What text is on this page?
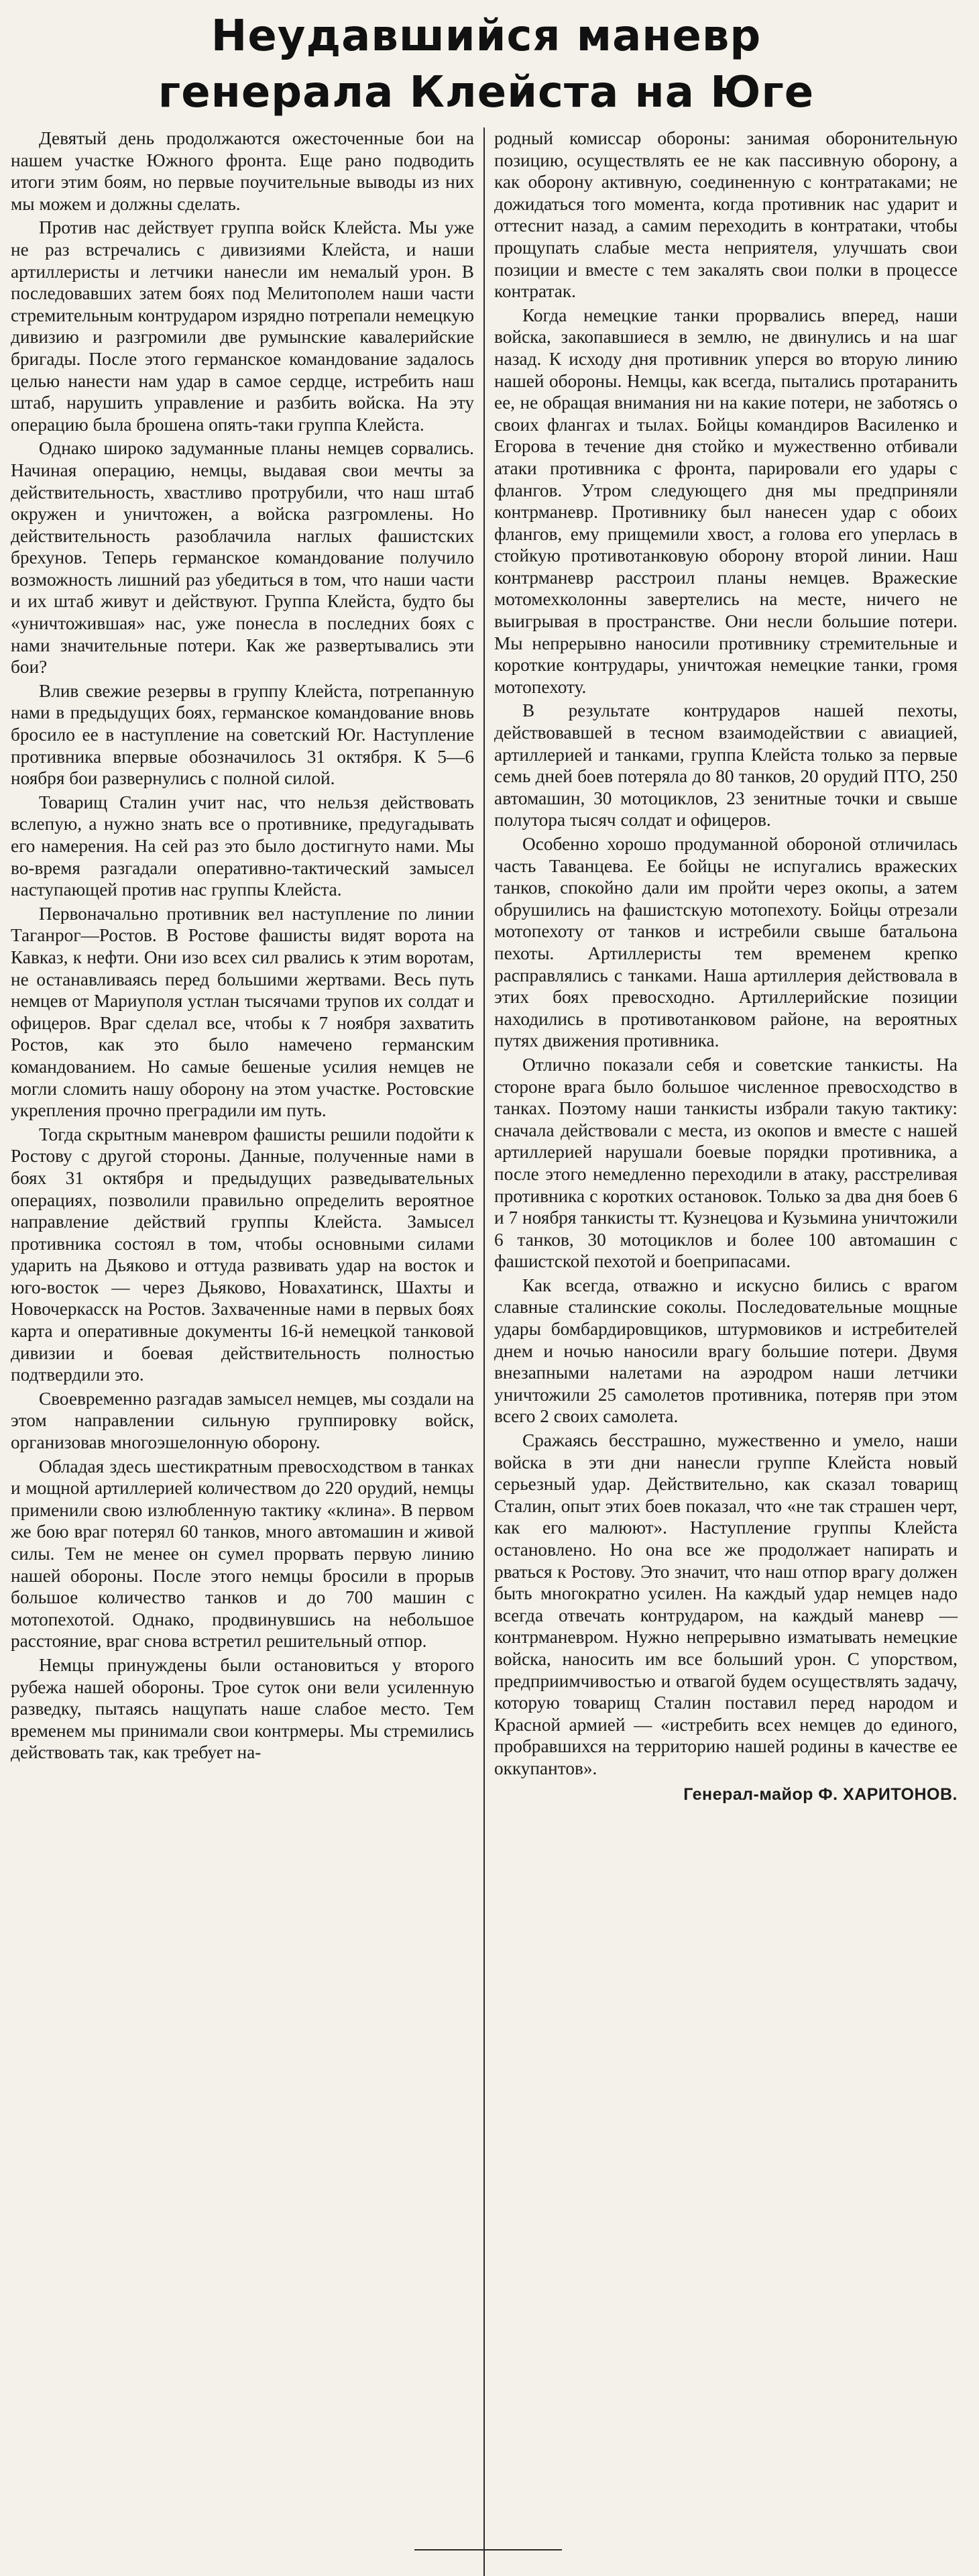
Неудавшийся маневр
генерала Клейста на Юге

Девятый день продолжаются ожесточенные бои на нашем участке Южного фронта. Еще рано подводить итоги этим боям, но первые поучительные выводы из них мы можем и должны сделать.

Против нас действует группа войск Клейста. Мы уже не раз встречались с дивизиями Клейста, и наши артиллеристы и летчики нанесли им немалый урон. В последовавших затем боях под Мелитополем наши части стремительным контрударом изрядно потрепали немецкую дивизию и разгромили две румынские кавалерийские бригады. После этого германское командование задалось целью нанести нам удар в самое сердце, истребить наш штаб, нарушить управление и разбить войска. На эту операцию была брошена опять-таки группа Клейста.

Однако широко задуманные планы немцев сорвались. Начиная операцию, немцы, выдавая свои мечты за действительность, хвастливо протрубили, что наш штаб окружен и уничтожен, а войска разгромлены. Но действительность разоблачила наглых фашистских брехунов. Теперь германское командование получило возможность лишний раз убедиться в том, что наши части и их штаб живут и действуют. Группа Клейста, будто бы «уничтожившая» нас, уже понесла в последних боях с нами значительные потери. Как же развертывались эти бои?

Влив свежие резервы в группу Клейста, потрепанную нами в предыдущих боях, германское командование вновь бросило ее в наступление на советский Юг. Наступление противника впервые обозначилось 31 октября. К 5—6 ноября бои развернулись с полной силой.

Товарищ Сталин учит нас, что нельзя действовать вслепую, а нужно знать все о противнике, предугадывать его намерения. На сей раз это было достигнуто нами. Мы во-время разгадали оперативно-тактический замысел наступающей против нас группы Клейста.

Первоначально противник вел наступление по линии Таганрог—Ростов. В Ростове фашисты видят ворота на Кавказ, к нефти. Они изо всех сил рвались к этим воротам, не останавливаясь перед большими жертвами. Весь путь немцев от Мариуполя устлан тысячами трупов их солдат и офицеров. Враг сделал все, чтобы к 7 ноября захватить Ростов, как это было намечено германским командованием. Но самые бешеные усилия немцев не могли сломить нашу оборону на этом участке. Ростовские укрепления прочно преградили им путь.

Тогда скрытным маневром фашисты решили подойти к Ростову с другой стороны. Данные, полученные нами в боях 31 октября и предыдущих разведывательных операциях, позволили правильно определить вероятное направление действий группы Клейста. Замысел противника состоял в том, чтобы основными силами ударить на Дьяково и оттуда развивать удар на восток и юго-восток — через Дьяково, Новахатинск, Шахты и Новочеркасск на Ростов. Захваченные нами в первых боях карта и оперативные документы 16-й немецкой танковой дивизии и боевая действительность полностью подтвердили это.

Своевременно разгадав замысел немцев, мы создали на этом направлении сильную группировку войск, организовав многоэшелонную оборону.

Обладая здесь шестикратным превосходством в танках и мощной артиллерией количеством до 220 орудий, немцы применили свою излюбленную тактику «клина». В первом же бою враг потерял 60 танков, много автомашин и живой силы. Тем не менее он сумел прорвать первую линию нашей обороны. После этого немцы бросили в прорыв большое количество танков и до 700 машин с мотопехотой. Однако, продвинувшись на небольшое расстояние, враг снова встретил решительный отпор.

Немцы принуждены были остановиться у второго рубежа нашей обороны. Трое суток они вели усиленную разведку, пытаясь нащупать наше слабое место. Тем временем мы принимали свои контрмеры. Мы стремились действовать так, как требует на-

родный комиссар обороны: занимая оборонительную позицию, осуществлять ее не как пассивную оборону, а как оборону активную, соединенную с контратаками; не дожидаться того момента, когда противник нас ударит и оттеснит назад, а самим переходить в контратаки, чтобы прощупать слабые места неприятеля, улучшать свои позиции и вместе с тем закалять свои полки в процессе контратак.

Когда немецкие танки прорвались вперед, наши войска, закопавшиеся в землю, не двинулись и на шаг назад. К исходу дня противник уперся во вторую линию нашей обороны. Немцы, как всегда, пытались протаранить ее, не обращая внимания ни на какие потери, не заботясь о своих флангах и тылах. Бойцы командиров Василенко и Егорова в течение дня стойко и мужественно отбивали атаки противника с фронта, парировали его удары с флангов. Утром следующего дня мы предприняли контрманевр. Противнику был нанесен удар с обоих флангов, ему прищемили хвост, а голова его уперлась в стойкую противотанковую оборону второй линии. Наш контрманевр расстроил планы немцев. Вражеские мотомехколонны завертелись на месте, ничего не выигрывая в пространстве. Они несли большие потери. Мы непрерывно наносили противнику стремительные и короткие контрудары, уничтожая немецкие танки, громя мотопехоту.

В результате контрударов нашей пехоты, действовавшей в тесном взаимодействии с авиацией, артиллерией и танками, группа Клейста только за первые семь дней боев потеряла до 80 танков, 20 орудий ПТО, 250 автомашин, 30 мотоциклов, 23 зенитные точки и свыше полутора тысяч солдат и офицеров.

Особенно хорошо продуманной обороной отличилась часть Таванцева. Ее бойцы не испугались вражеских танков, спокойно дали им пройти через окопы, а затем обрушились на фашистскую мотопехоту. Бойцы отрезали мотопехоту от танков и истребили свыше батальона пехоты. Артиллеристы тем временем крепко расправлялись с танками. Наша артиллерия действовала в этих боях превосходно. Артиллерийские позиции находились в противотанковом районе, на вероятных путях движения противника.

Отлично показали себя и советские танкисты. На стороне врага было большое численное превосходство в танках. Поэтому наши танкисты избрали такую тактику: сначала действовали с места, из окопов и вместе с нашей артиллерией нарушали боевые порядки противника, а после этого немедленно переходили в атаку, расстреливая противника с коротких остановок. Только за два дня боев 6 и 7 ноября танкисты тт. Кузнецова и Кузьмина уничтожили 6 танков, 30 мотоциклов и более 100 автомашин с фашистской пехотой и боеприпасами.

Как всегда, отважно и искусно бились с врагом славные сталинские соколы. Последовательные мощные удары бомбардировщиков, штурмовиков и истребителей днем и ночью наносили врагу большие потери. Двумя внезапными налетами на аэродром наши летчики уничтожили 25 самолетов противника, потеряв при этом всего 2 своих самолета.

Сражаясь бесстрашно, мужественно и умело, наши войска в эти дни нанесли группе Клейста новый серьезный удар. Действительно, как сказал товарищ Сталин, опыт этих боев показал, что «не так страшен черт, как его малюют». Наступление группы Клейста остановлено. Но она все же продолжает напирать и рваться к Ростову. Это значит, что наш отпор врагу должен быть многократно усилен. На каждый удар немцев надо всегда отвечать контрударом, на каждый маневр — контрманевром. Нужно непрерывно изматывать немецкие войска, наносить им все больший урон. С упорством, предприимчивостью и отвагой будем осуществлять задачу, которую товарищ Сталин поставил перед народом и Красной армией — «истребить всех немцев до единого, пробравшихся на территорию нашей родины в качестве ее оккупантов».

Генерал-майор Ф. ХАРИТОНОВ.
